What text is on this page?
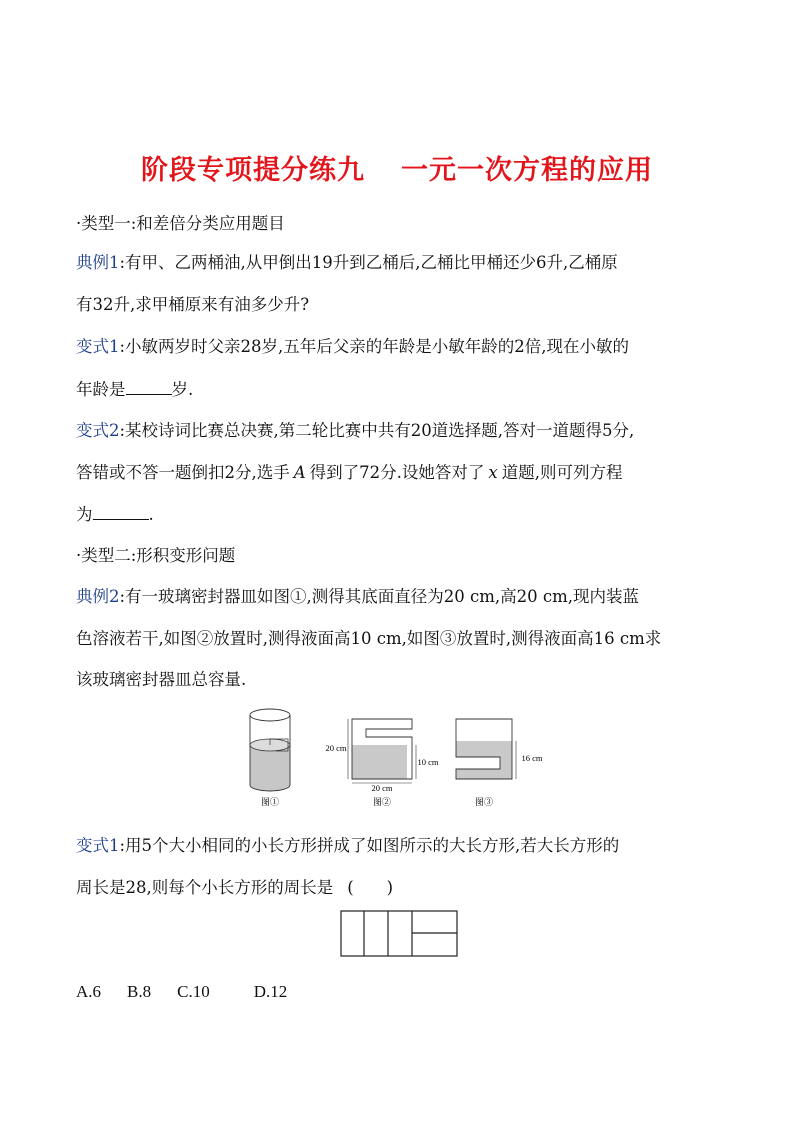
阶段专项提分练九 一元一次方程的应用
·类型一:和差倍分类应用题目
典例1:有甲、乙两桶油,从甲倒出19升到乙桶后,乙桶比甲桶还少6升,乙桶原
有32升,求甲桶原来有油多少升?
变式1:小敏两岁时父亲28岁,五年后父亲的年龄是小敏年龄的2倍,现在小敏的
年龄是	岁.
变式2:某校诗词比赛总决赛,第二轮比赛中共有20道选择题,答对一道题得5分,
答错或不答一题倒扣2分,选手 A 得到了72分.设她答对了 x 道题,则可列方程
为	.
·类型二:形积变形问题
典例2:有一玻璃密封器皿如图①,测得其底面直径为20 cm,高20 cm,现内装蓝
色溶液若干,如图②放置时,测得液面高10 cm,如图③放置时,测得液面高16 cm求
该玻璃密封器皿总容量.
图①
20 cm
10 cm
20 cm
图②
16 cm
图③
变式1:用5个大小相同的小长方形拼成了如图所示的大长方形,若大长方形的
周长是28,则每个小长方形的周长是 (　　)
A.6 B.8 C.10	D.12
